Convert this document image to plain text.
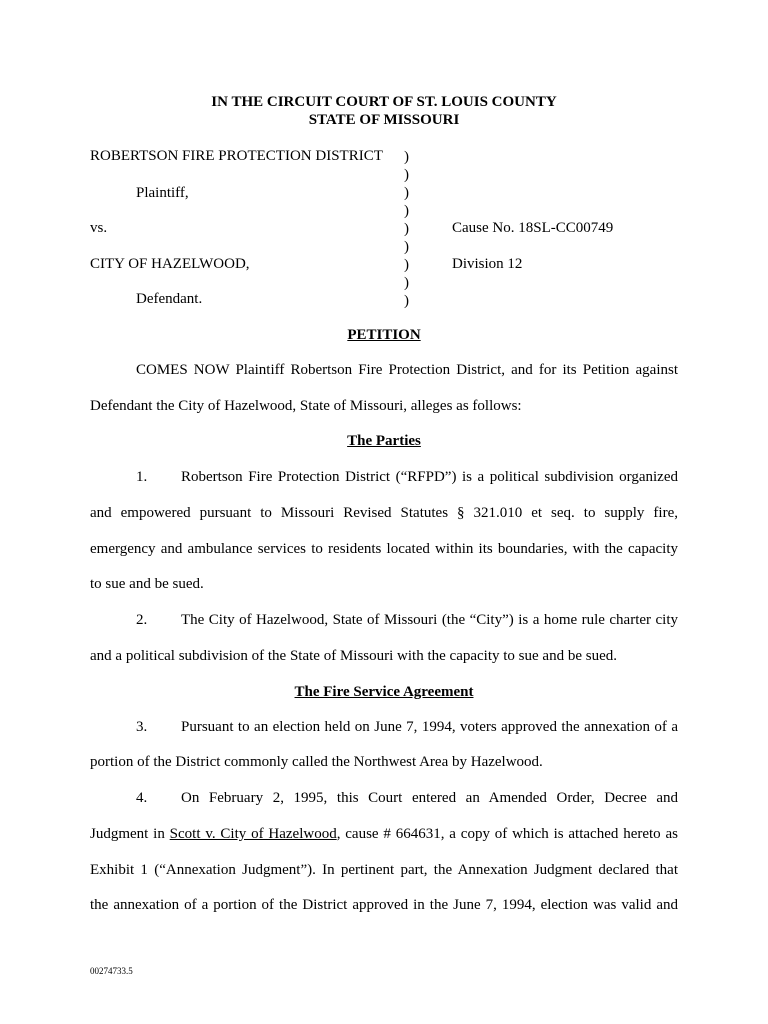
IN THE CIRCUIT COURT OF ST. LOUIS COUNTY
STATE OF MISSOURI
ROBERTSON FIRE PROTECTION DISTRICT
Plaintiff,
vs.
CITY OF HAZELWOOD,
Defendant.
)
)
)
)
)
)
)
)
)
Cause No. 18SL-CC00749
Division 12
PETITION
COMES NOW Plaintiff Robertson Fire Protection District, and for its Petition against
Defendant the City of Hazelwood, State of Missouri, alleges as follows:
The Parties
1. Robertson Fire Protection District (“RFPD”) is a political subdivision organized
and empowered pursuant to Missouri Revised Statutes § 321.010 et seq. to supply fire,
emergency and ambulance services to residents located within its boundaries, with the capacity
to sue and be sued.
2. The City of Hazelwood, State of Missouri (the “City”) is a home rule charter city
and a political subdivision of the State of Missouri with the capacity to sue and be sued.
The Fire Service Agreement
3. Pursuant to an election held on June 7, 1994, voters approved the annexation of a
portion of the District commonly called the Northwest Area by Hazelwood.
4. On February 2, 1995, this Court entered an Amended Order, Decree and
Judgment in Scott v. City of Hazelwood, cause # 664631, a copy of which is attached hereto as
Exhibit 1 (“Annexation Judgment”). In pertinent part, the Annexation Judgment declared that
the annexation of a portion of the District approved in the June 7, 1994, election was valid and
00274733.5
